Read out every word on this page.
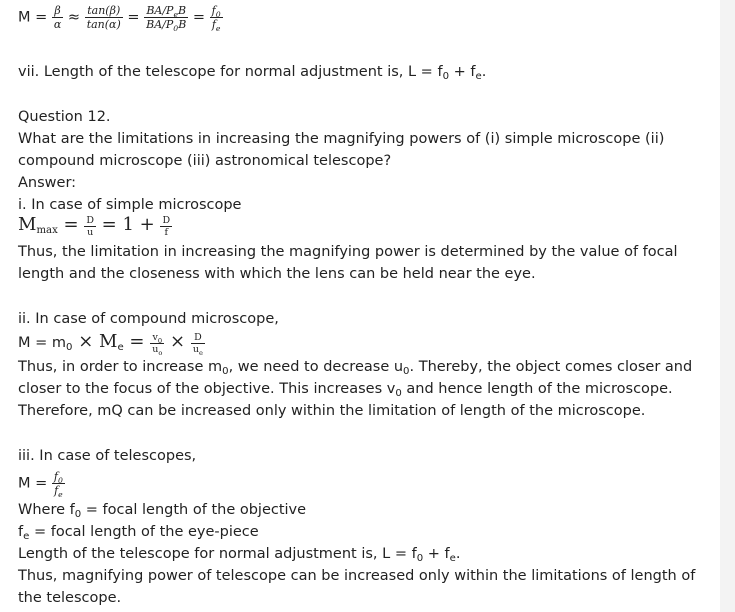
$M = \frac{\beta}{\alpha} \approx \frac{\tan(\beta)}{\tan(\alpha)} = \frac{BA/P_eB}{BA/P_0B} = \frac{f_0}{f_e}$
vii. Length of the telescope for normal adjustment is, $L = f_0 + f_e$.
Question 12.
What are the limitations in increasing the magnifying powers of (i) simple microscope (ii)
compound microscope (iii) astronomical telescope?
Answer:
i. In case of simple microscope
$M_{max} = \frac{D}{u} = 1 + \frac{D}{f}$
Thus, the limitation in increasing the magnifying power is determined by the value of focal
length and the closeness with which the lens can be held near the eye.
ii. In case of compound microscope,
$M = m_0 \times M_e = \frac{v_0}{u_o} \times \frac{D}{u_e}$
Thus, in order to increase $m_0$, we need to decrease $u_0$. Thereby, the object comes closer and
closer to the focus of the objective. This increases $v_0$ and hence length of the microscope.
Therefore, mQ can be increased only within the limitation of length of the microscope.
iii. In case of telescopes,
$M = \frac{f_0}{f_e}$
Where $f_0$ = focal length of the objective
$f_e$ = focal length of the eye-piece
Length of the telescope for normal adjustment is, $L = f_0 + f_e$.
Thus, magnifying power of telescope can be increased only within the limitations of length of
the telescope.
